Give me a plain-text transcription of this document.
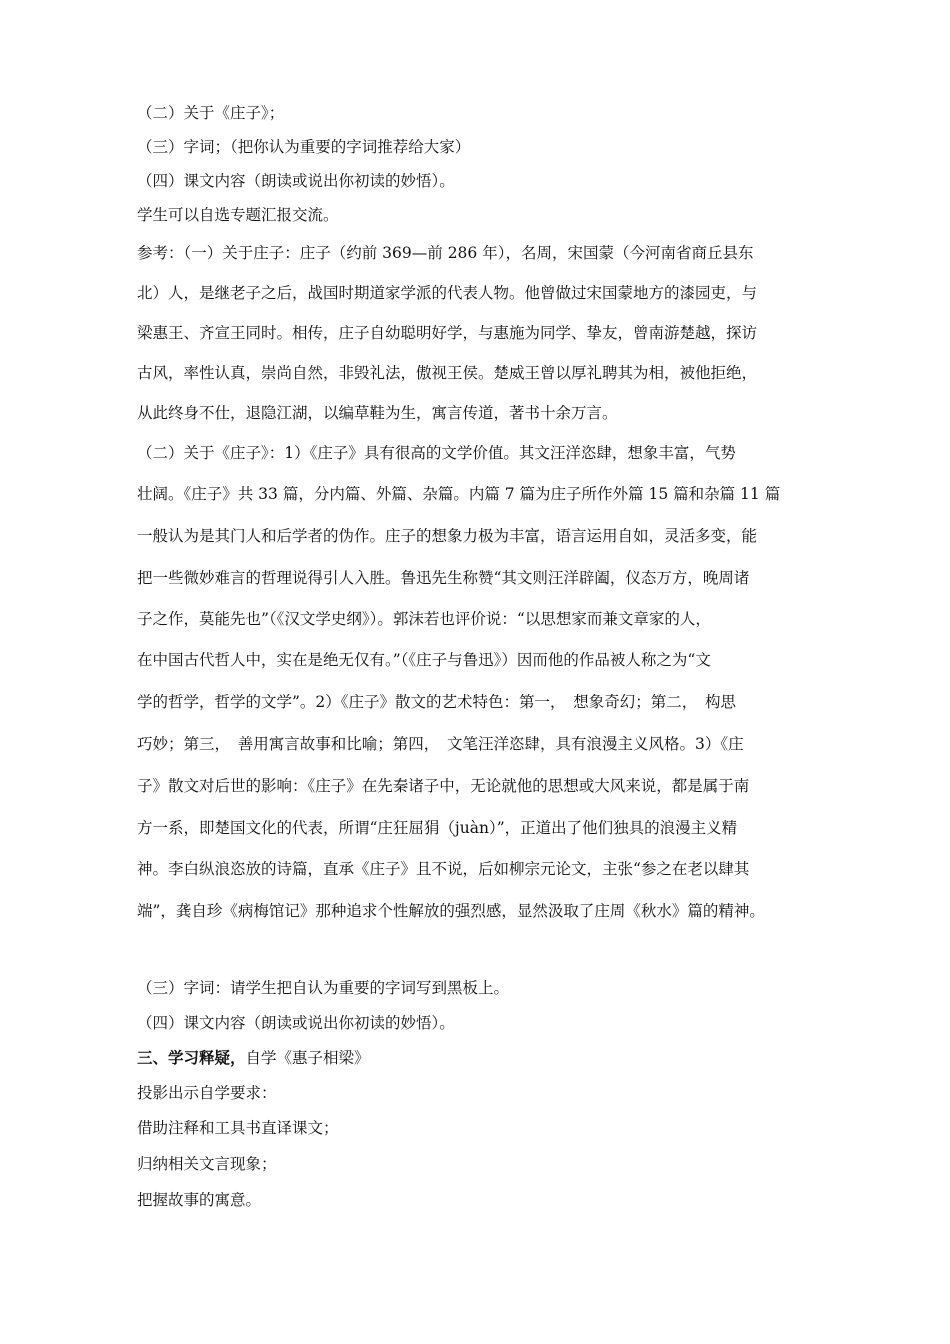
（二）关于《庄子》；
（三）字词；（把你认为重要的字词推荐给大家）
（四）课文内容（朗读或说出你初读的妙悟）。
学生可以自选专题汇报交流。
参考：（一）关于庄子：庄子（约前 369—前 286 年），名周，宋国蒙（今河南省商丘县东
北）人，是继老子之后，战国时期道家学派的代表人物。他曾做过宋国蒙地方的漆园吏，与
梁惠王、齐宣王同时。相传，庄子自幼聪明好学，与惠施为同学、挚友，曾南游楚越，探访
古风，率性认真，崇尚自然，非毁礼法，傲视王侯。楚威王曾以厚礼聘其为相，被他拒绝，
从此终身不仕，退隐江湖，以编草鞋为生，寓言传道，著书十余万言。
（二）关于《庄子》：1）《庄子》具有很高的文学价值。其文汪洋恣肆，想象丰富，气势
壮阔。《庄子》共 33 篇，分内篇、外篇、杂篇。内篇 7 篇为庄子所作外篇 15 篇和杂篇 11 篇
一般认为是其门人和后学者的伪作。庄子的想象力极为丰富，语言运用自如，灵活多变，能
把一些微妙难言的哲理说得引人入胜。鲁迅先生称赞“其文则汪洋辟阖，仪态万方，晚周诸
子之作，莫能先也”（《汉文学史纲》）。郭沫若也评价说：“以思想家而兼文章家的人，
在中国古代哲人中，实在是绝无仅有。”（《庄子与鲁迅》）因而他的作品被人称之为“文
学的哲学，哲学的文学”。2）《庄子》散文的艺术特色：第一，　想象奇幻；第二，　构思
巧妙；第三，　善用寓言故事和比喻；第四，　文笔汪洋恣肆，具有浪漫主义风格。3）《庄
子》散文对后世的影响：《庄子》在先秦诸子中，无论就他的思想或大风来说，都是属于南
方一系，即楚国文化的代表，所谓“庄狂屈狷（juàn）”，正道出了他们独具的浪漫主义精
神。李白纵浪恣放的诗篇，直承《庄子》且不说，后如柳宗元论文，主张“参之在老以肆其
端”，龚自珍《病梅馆记》那种追求个性解放的强烈感，显然汲取了庄周《秋水》篇的精神。
（三）字词：请学生把自认为重要的字词写到黑板上。
（四）课文内容（朗读或说出你初读的妙悟）。
三、学习释疑，自学《惠子相梁》
投影出示自学要求：
借助注释和工具书直译课文；
归纳相关文言现象；
把握故事的寓意。
